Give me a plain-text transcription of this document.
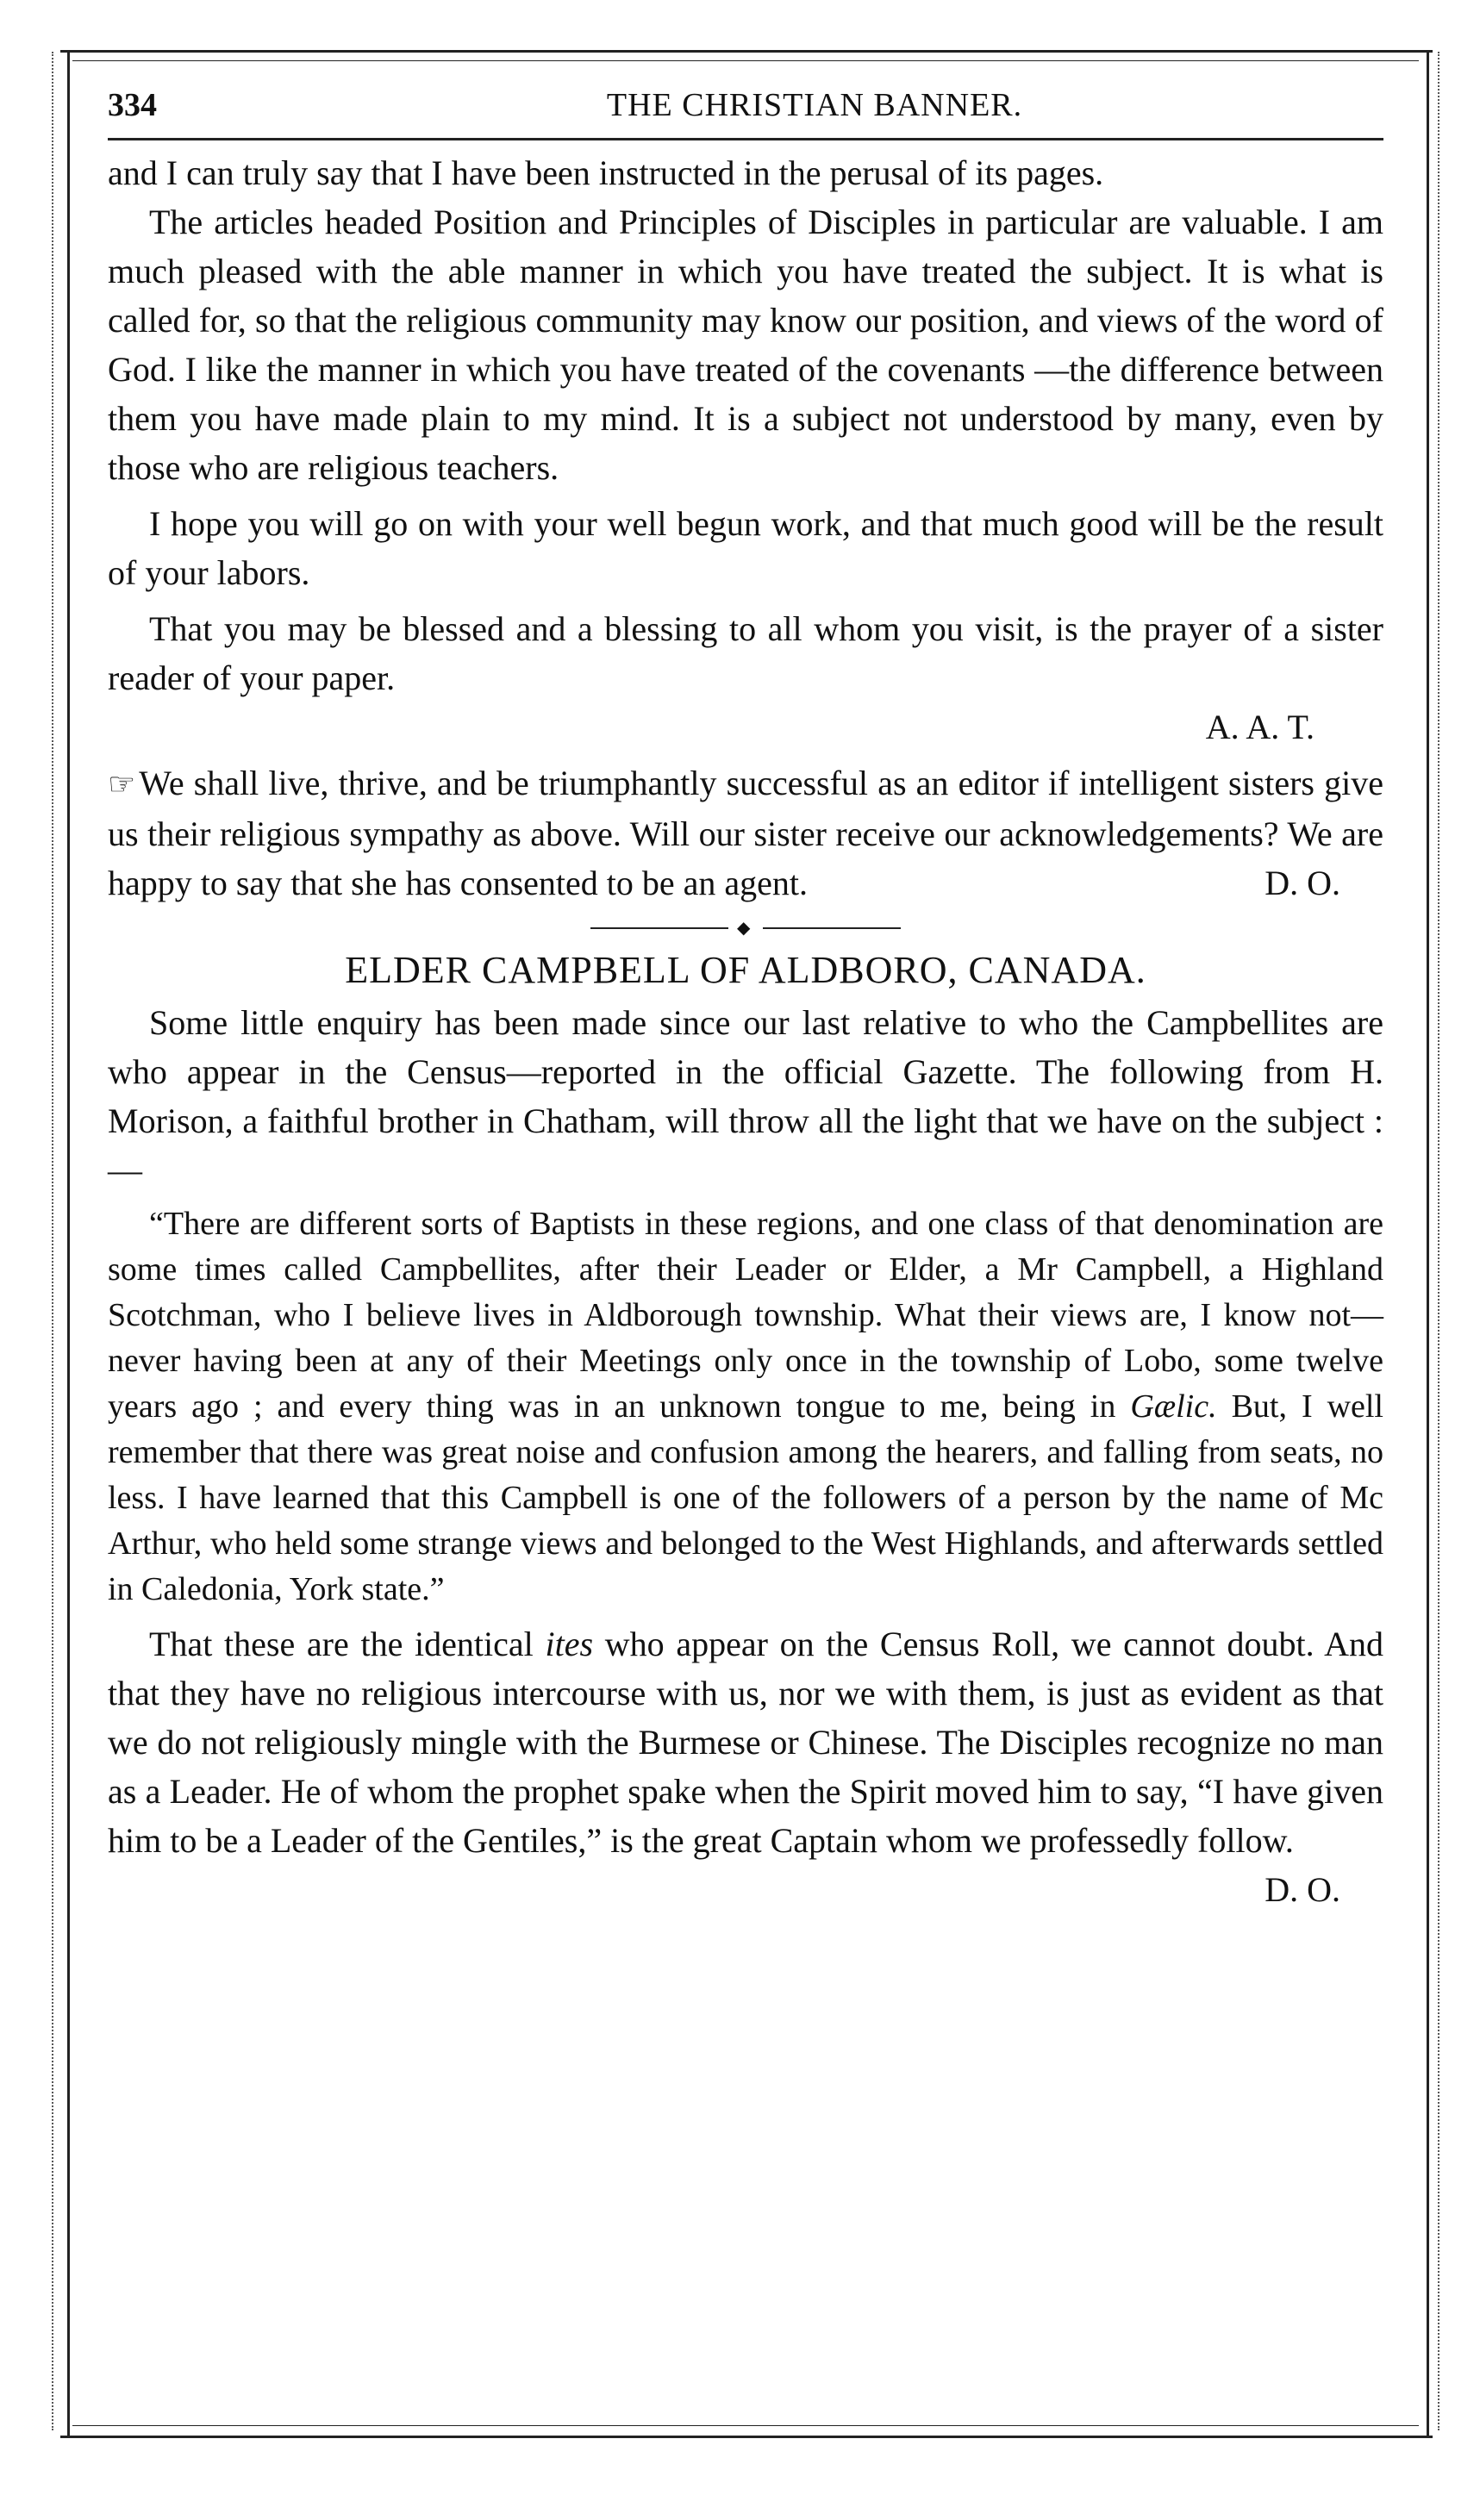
334	THE CHRISTIAN BANNER.

and I can truly say that I have been instructed in the perusal of its pages.

The articles headed Position and Principles of Disciples in particular are valuable. I am much pleased with the able manner in which you have treated the subject. It is what is called for, so that the religious community may know our position, and views of the word of God. I like the manner in which you have treated of the covenants —the difference between them you have made plain to my mind. It is a subject not understood by many, even by those who are religious teachers.

I hope you will go on with your well begun work, and that much good will be the result of your labors.

That you may be blessed and a blessing to all whom you visit, is the prayer of a sister reader of your paper.

A. A. T.

☞ We shall live, thrive, and be triumphantly successful as an editor if intelligent sisters give us their religious sympathy as above. Will our sister receive our acknowledgements? We are happy to say that she has consented to be an agent.	D. O.

◆

ELDER CAMPBELL OF ALDBORO, CANADA.

Some little enquiry has been made since our last relative to who the Campbellites are who appear in the Census—reported in the official Gazette. The following from H. Morison, a faithful brother in Chatham, will throw all the light that we have on the subject :—

“There are different sorts of Baptists in these regions, and one class of that denomination are some times called Campbellites, after their Leader or Elder, a Mr Campbell, a Highland Scotchman, who I believe lives in Aldborough township. What their views are, I know not—never having been at any of their Meetings only once in the township of Lobo, some twelve years ago ; and every thing was in an unknown tongue to me, being in Gælic. But, I well remember that there was great noise and confusion among the hearers, and falling from seats, no less. I have learned that this Campbell is one of the followers of a person by the name of Mc Arthur, who held some strange views and belonged to the West Highlands, and afterwards settled in Caledonia, York state.”

That these are the identical ites who appear on the Census Roll, we cannot doubt. And that they have no religious intercourse with us, nor we with them, is just as evident as that we do not religiously mingle with the Burmese or Chinese. The Disciples recognize no man as a Leader. He of whom the prophet spake when the Spirit moved him to say, “I have given him to be a Leader of the Gentiles,” is the great Captain whom we professedly follow.
D. O.
